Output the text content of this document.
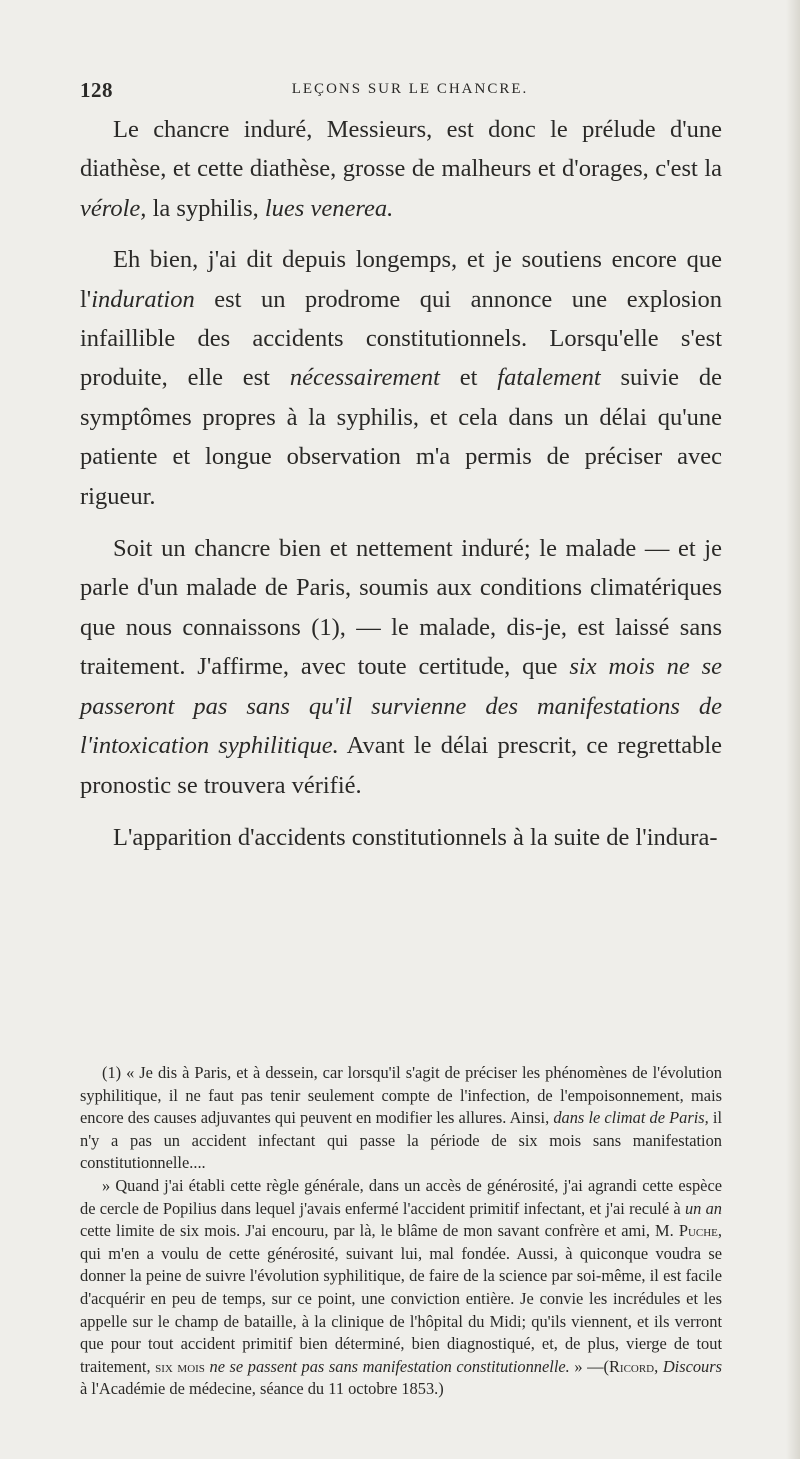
128	LEÇONS SUR LE CHANCRE.

Le chancre induré, Messieurs, est donc le prélude d'une diathèse, et cette diathèse, grosse de malheurs et d'orages, c'est la vérole, la syphilis, lues venerea.

Eh bien, j'ai dit depuis longemps, et je soutiens encore que l'induration est un prodrome qui annonce une explosion infaillible des accidents constitutionnels. Lorsqu'elle s'est produite, elle est nécessairement et fatalement suivie de symptômes propres à la syphilis, et cela dans un délai qu'une patiente et longue observation m'a permis de préciser avec rigueur.

Soit un chancre bien et nettement induré; le malade — et je parle d'un malade de Paris, soumis aux conditions climatériques que nous connaissons (1), — le malade, dis-je, est laissé sans traitement. J'affirme, avec toute certitude, que six mois ne se passeront pas sans qu'il survienne des manifestations de l'intoxication syphilitique. Avant le délai prescrit, ce regrettable pronostic se trouvera vérifié.

L'apparition d'accidents constitutionnels à la suite de l'indura-

(1) « Je dis à Paris, et à dessein, car lorsqu'il s'agit de préciser les phénomènes de l'évolution syphilitique, il ne faut pas tenir seulement compte de l'infection, de l'empoisonnement, mais encore des causes adjuvantes qui peuvent en modifier les allures. Ainsi, dans le climat de Paris, il n'y a pas un accident infectant qui passe la période de six mois sans manifestation constitutionnelle....

» Quand j'ai établi cette règle générale, dans un accès de générosité, j'ai agrandi cette espèce de cercle de Popilius dans lequel j'avais enfermé l'accident primitif infectant, et j'ai reculé à un an cette limite de six mois. J'ai encouru, par là, le blâme de mon savant confrère et ami, M. Puche, qui m'en a voulu de cette générosité, suivant lui, mal fondée. Aussi, à quiconque voudra se donner la peine de suivre l'évolution syphilitique, de faire de la science par soi-même, il est facile d'acquérir en peu de temps, sur ce point, une conviction entière. Je convie les incrédules et les appelle sur le champ de bataille, à la clinique de l'hôpital du Midi; qu'ils viennent, et ils verront que pour tout accident primitif bien déterminé, bien diagnostiqué, et, de plus, vierge de tout traitement, six mois ne se passent pas sans manifestation constitutionnelle. » —(Ricord, Discours à l'Académie de médecine, séance du 11 octobre 1853.)
